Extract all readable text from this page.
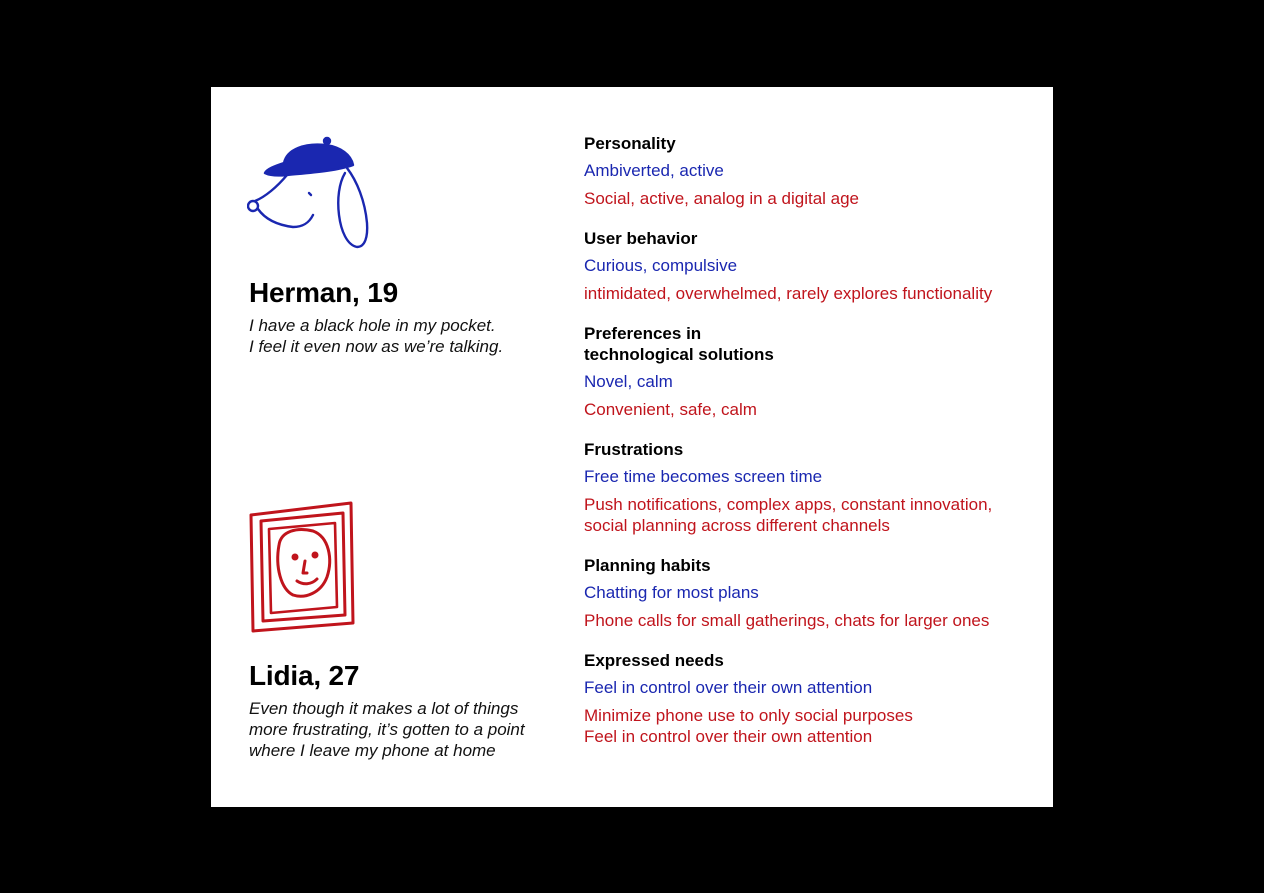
Herman, 19
I have a black hole in my pocket.
I feel it even now as we’re talking.
Lidia, 27
Even though it makes a lot of things
more frustrating, it’s gotten to a point
where I leave my phone at home
Personality
Ambiverted, active
Social, active, analog in a digital age
User behavior
Curious, compulsive
intimidated, overwhelmed, rarely explores functionality
Preferences in
technological solutions
Novel, calm
Convenient, safe, calm
Frustrations
Free time becomes screen time
Push notifications, complex apps, constant innovation,
social planning across different channels
Planning habits
Chatting for most plans
Phone calls for small gatherings, chats for larger ones
Expressed needs
Feel in control over their own attention
Minimize phone use to only social purposes
Feel in control over their own attention
